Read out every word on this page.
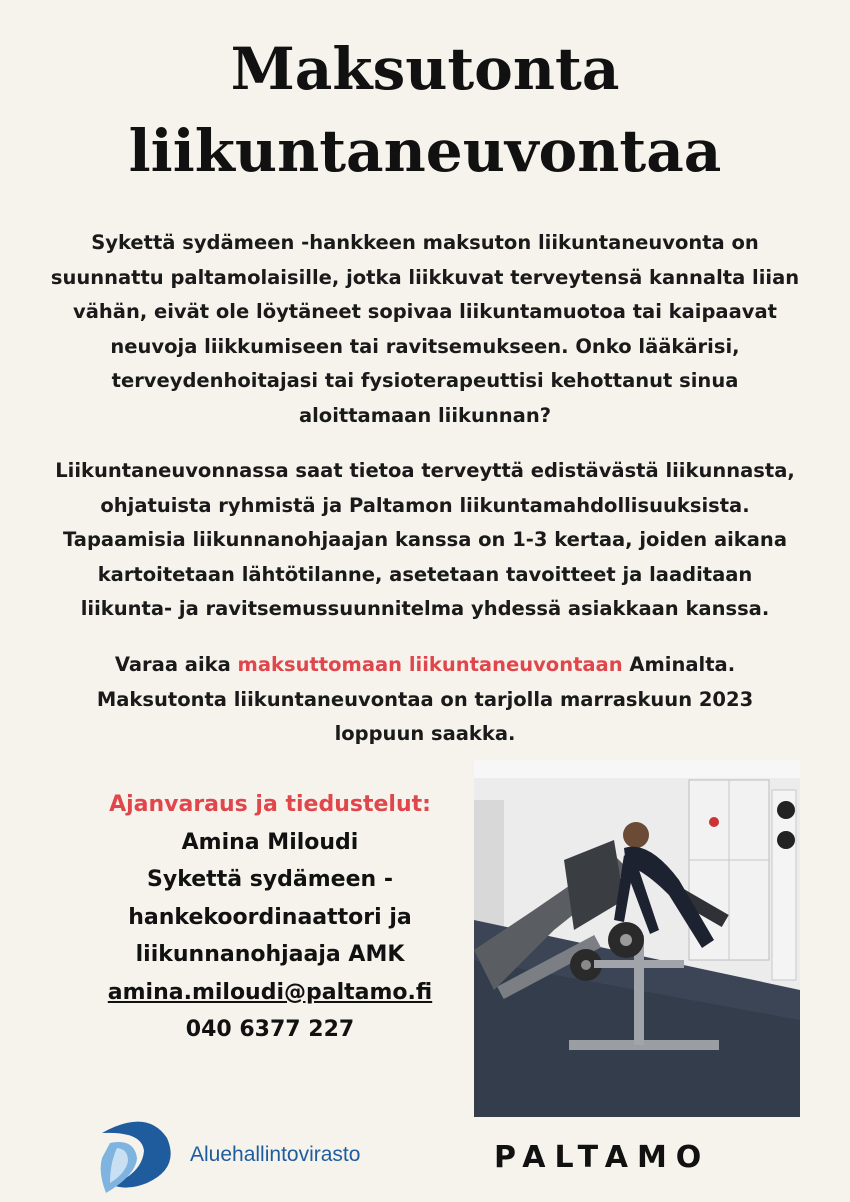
Maksutonta
liikuntaneuvontaa
Sykettä sydämeen -hankkeen maksuton liikuntaneuvonta on
suunnattu paltamolaisille, jotka liikkuvat terveytensä kannalta liian
vähän, eivät ole löytäneet sopivaa liikuntamuotoa tai kaipaavat
neuvoja liikkumiseen tai ravitsemukseen. Onko lääkärisi,
terveydenhoitajasi tai fysioterapeuttisi kehottanut sinua
aloittamaan liikunnan?
Liikuntaneuvonnassa saat tietoa terveyttä edistävästä liikunnasta,
ohjatuista ryhmistä ja Paltamon liikuntamahdollisuuksista.
Tapaamisia liikunnanohjaajan kanssa on 1-3 kertaa, joiden aikana
kartoitetaan lähtötilanne, asetetaan tavoitteet ja laaditaan
liikunta- ja ravitsemussuunnitelma yhdessä asiakkaan kanssa.
Varaa aika maksuttomaan liikuntaneuvontaan Aminalta.
Maksutonta liikuntaneuvontaa on tarjolla marraskuun 2023
loppuun saakka.
Ajanvaraus ja tiedustelut:
Amina Miloudi
Sykettä sydämeen -
hankekoordinaattori ja
liikunnanohjaaja AMK
amina.miloudi@paltamo.fi
040 6377 227
Aluehallintovirasto	PALTAMO
